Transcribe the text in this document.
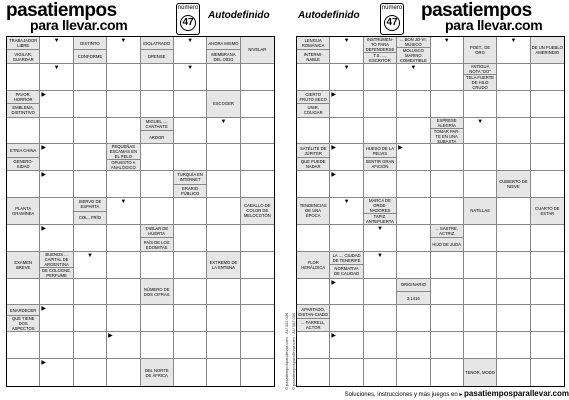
pasatiempos
para llevar.com
número
47
Autodefinido
TRABAJADOR LIBRE
VIGILAR, GUARDAR
▼	DISTINTO
CONFORME
▼	IDOLATRADO
DRENSE
▼	AHORA MISMO
MEMBRANA DEL OÍDO
NIVELAR
▼	▼
PAVOR, HORROR
EMBLEMA, DISTINTIVO
▶
ESCOGER
MIGUEL ..., CANTANTE
ARDOR
▼
ETNIA CHINA
GENERO-SIDAD
▶	PEQUEÑAS ESCAMAS EN EL PELO
OPUESTO A ANALÓGICO
▶	TURQUÍA EN INTERNET
ERARIO PÚBLICO
PLANTA GRAMÍNEA
SIERVO DE ESPARTA
COL., FRÍO
▼
CABALLO DE COLOR DE MELOCOTÓN
▶	TABLAR DE HUERTA
PAÍS DE LOS EDOMITAS
EXAMEN BREVE
BUENOS ... CAPITAL DE ARGENTINA
DE COLOGNE, PERFUME
▼
EXTREMO DE LA ENTENA
NÚMERO DE DOS CIFRAS
ENARDECER
QUE TIENE DOS ASPECTOS
▶
▶
▶
DEL NORTE DE ÁFRICA	© pasatiemposparallevar.com · AU 002 006 © pasatiemposparallevar.com · AU 002 006
Autodefinido
número
47
pasatiempos
para llevar.com
LENGUA ROMÁNICA
INTERMI-NABLE
▼	INSTRUMEN-TO PARA DEFENDERSE
T.S. ..., ESCRITOR
... BON JO-VI, MÚSICO
MOLUSCO MARINO COMESTIBLE
▼
POÉT., DE ORO
▼
DE UN PUEBLO AMERINDIO
▼	▼	ANTIGUA NOTA "DO"
TELA FUERTE DE HILO CRUDO
CIERTO FRUTO SECO
UNIR, COLIGAR
▶
EXPRESE ALEGRÍA
TOMAR PAR-TE EN UNA SUBASTA
▼
SATÉLITE DE JÚPITER
QUE PUEDE NADAR
▶	HUESO DE LA PELVIS
SENTIR GRAN AFICIÓN
▶
▶
CUBIERTO DE NIEVE
TENDENCIAS DE UNA ÉPOCA
▼	MARCA DE ORDE-NADORES
TAPIZ, ANTEPUERTA
NATILLAS	CUARTO DE ESTAR
▼	... SASTRE, ACTRIZ
HIJO DE JUDÁ
FLOR HERÁLDICA
LA ..., CIUDAD DE TENERIFE
NORMATIVA DE CALIDAD
▼
▶	ORIGINARIO
3,1416
APARTADO, DISTAN-CIADO
... FARRELL, ACTOR
▶
TENOR, MODO
Soluciones, instrucciones y más juegos en ▸ pasatiemposparallevar.com
